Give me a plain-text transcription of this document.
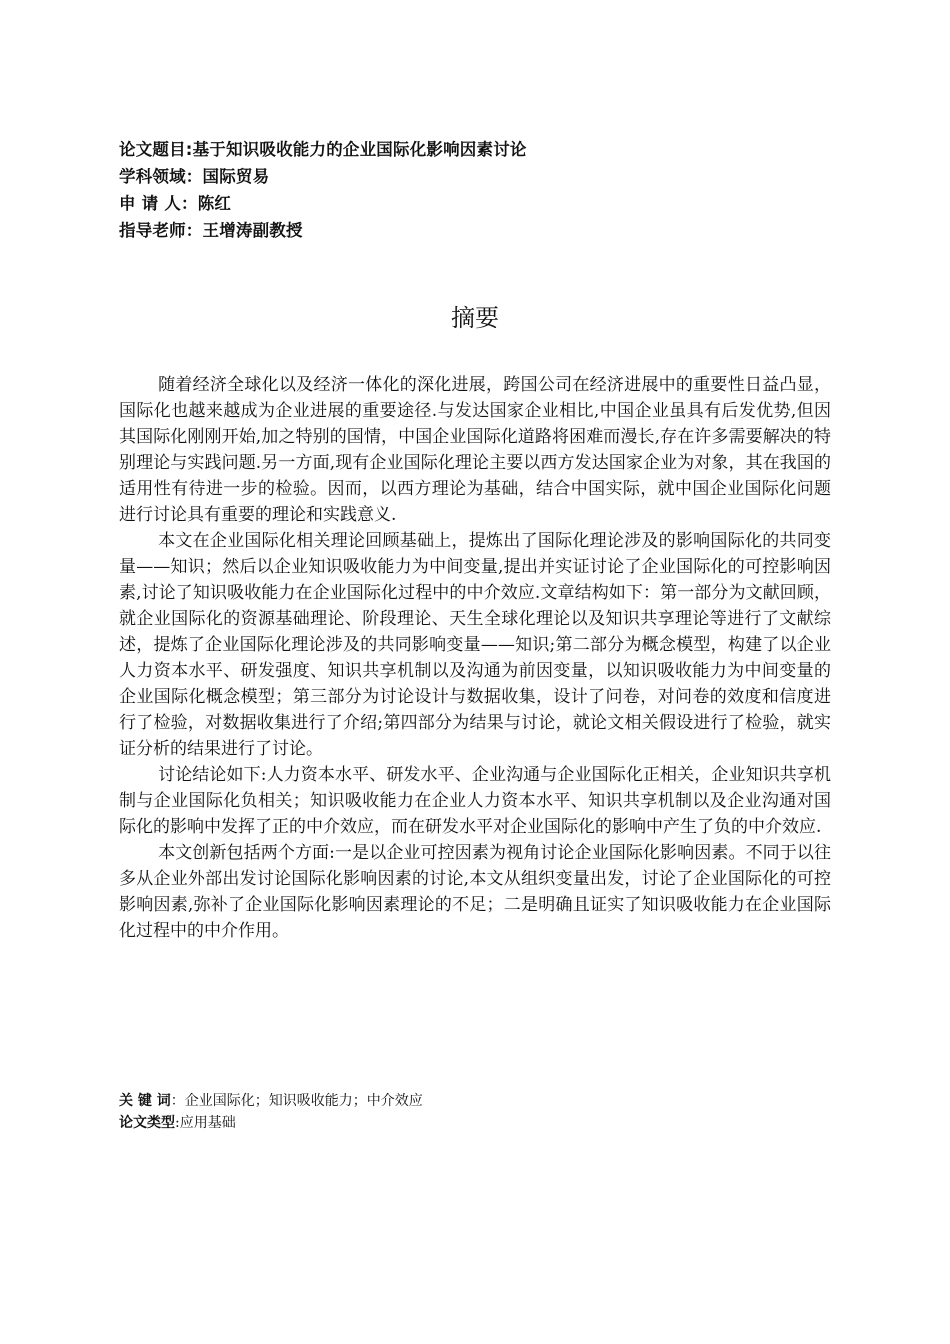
论文题目:基于知识吸收能力的企业国际化影响因素讨论
学科领域：国际贸易
申 请 人：陈红
指导老师：王增涛副教授
摘要

随着经济全球化以及经济一体化的深化进展，跨国公司在经济进展中的重要性日益凸显，国际化也越来越成为企业进展的重要途径.与发达国家企业相比,中国企业虽具有后发优势,但因其国际化刚刚开始,加之特别的国情，中国企业国际化道路将困难而漫长,存在许多需要解决的特别理论与实践问题.另一方面,现有企业国际化理论主要以西方发达国家企业为对象，其在我国的适用性有待进一步的检验。因而，以西方理论为基础，结合中国实际，就中国企业国际化问题进行讨论具有重要的理论和实践意义.

本文在企业国际化相关理论回顾基础上，提炼出了国际化理论涉及的影响国际化的共同变量——知识；然后以企业知识吸收能力为中间变量,提出并实证讨论了企业国际化的可控影响因素,讨论了知识吸收能力在企业国际化过程中的中介效应.文章结构如下：第一部分为文献回顾，就企业国际化的资源基础理论、阶段理论、天生全球化理论以及知识共享理论等进行了文献综述，提炼了企业国际化理论涉及的共同影响变量——知识;第二部分为概念模型，构建了以企业人力资本水平、研发强度、知识共享机制以及沟通为前因变量，以知识吸收能力为中间变量的企业国际化概念模型；第三部分为讨论设计与数据收集，设计了问卷，对问卷的效度和信度进行了检验，对数据收集进行了介绍;第四部分为结果与讨论，就论文相关假设进行了检验，就实证分析的结果进行了讨论。

讨论结论如下:人力资本水平、研发水平、企业沟通与企业国际化正相关，企业知识共享机制与企业国际化负相关；知识吸收能力在企业人力资本水平、知识共享机制以及企业沟通对国际化的影响中发挥了正的中介效应，而在研发水平对企业国际化的影响中产生了负的中介效应.

本文创新包括两个方面:一是以企业可控因素为视角讨论企业国际化影响因素。不同于以往多从企业外部出发讨论国际化影响因素的讨论,本文从组织变量出发，讨论了企业国际化的可控影响因素,弥补了企业国际化影响因素理论的不足；二是明确且证实了知识吸收能力在企业国际化过程中的中介作用。

关 键 词：企业国际化；知识吸收能力；中介效应
论文类型:应用基础
